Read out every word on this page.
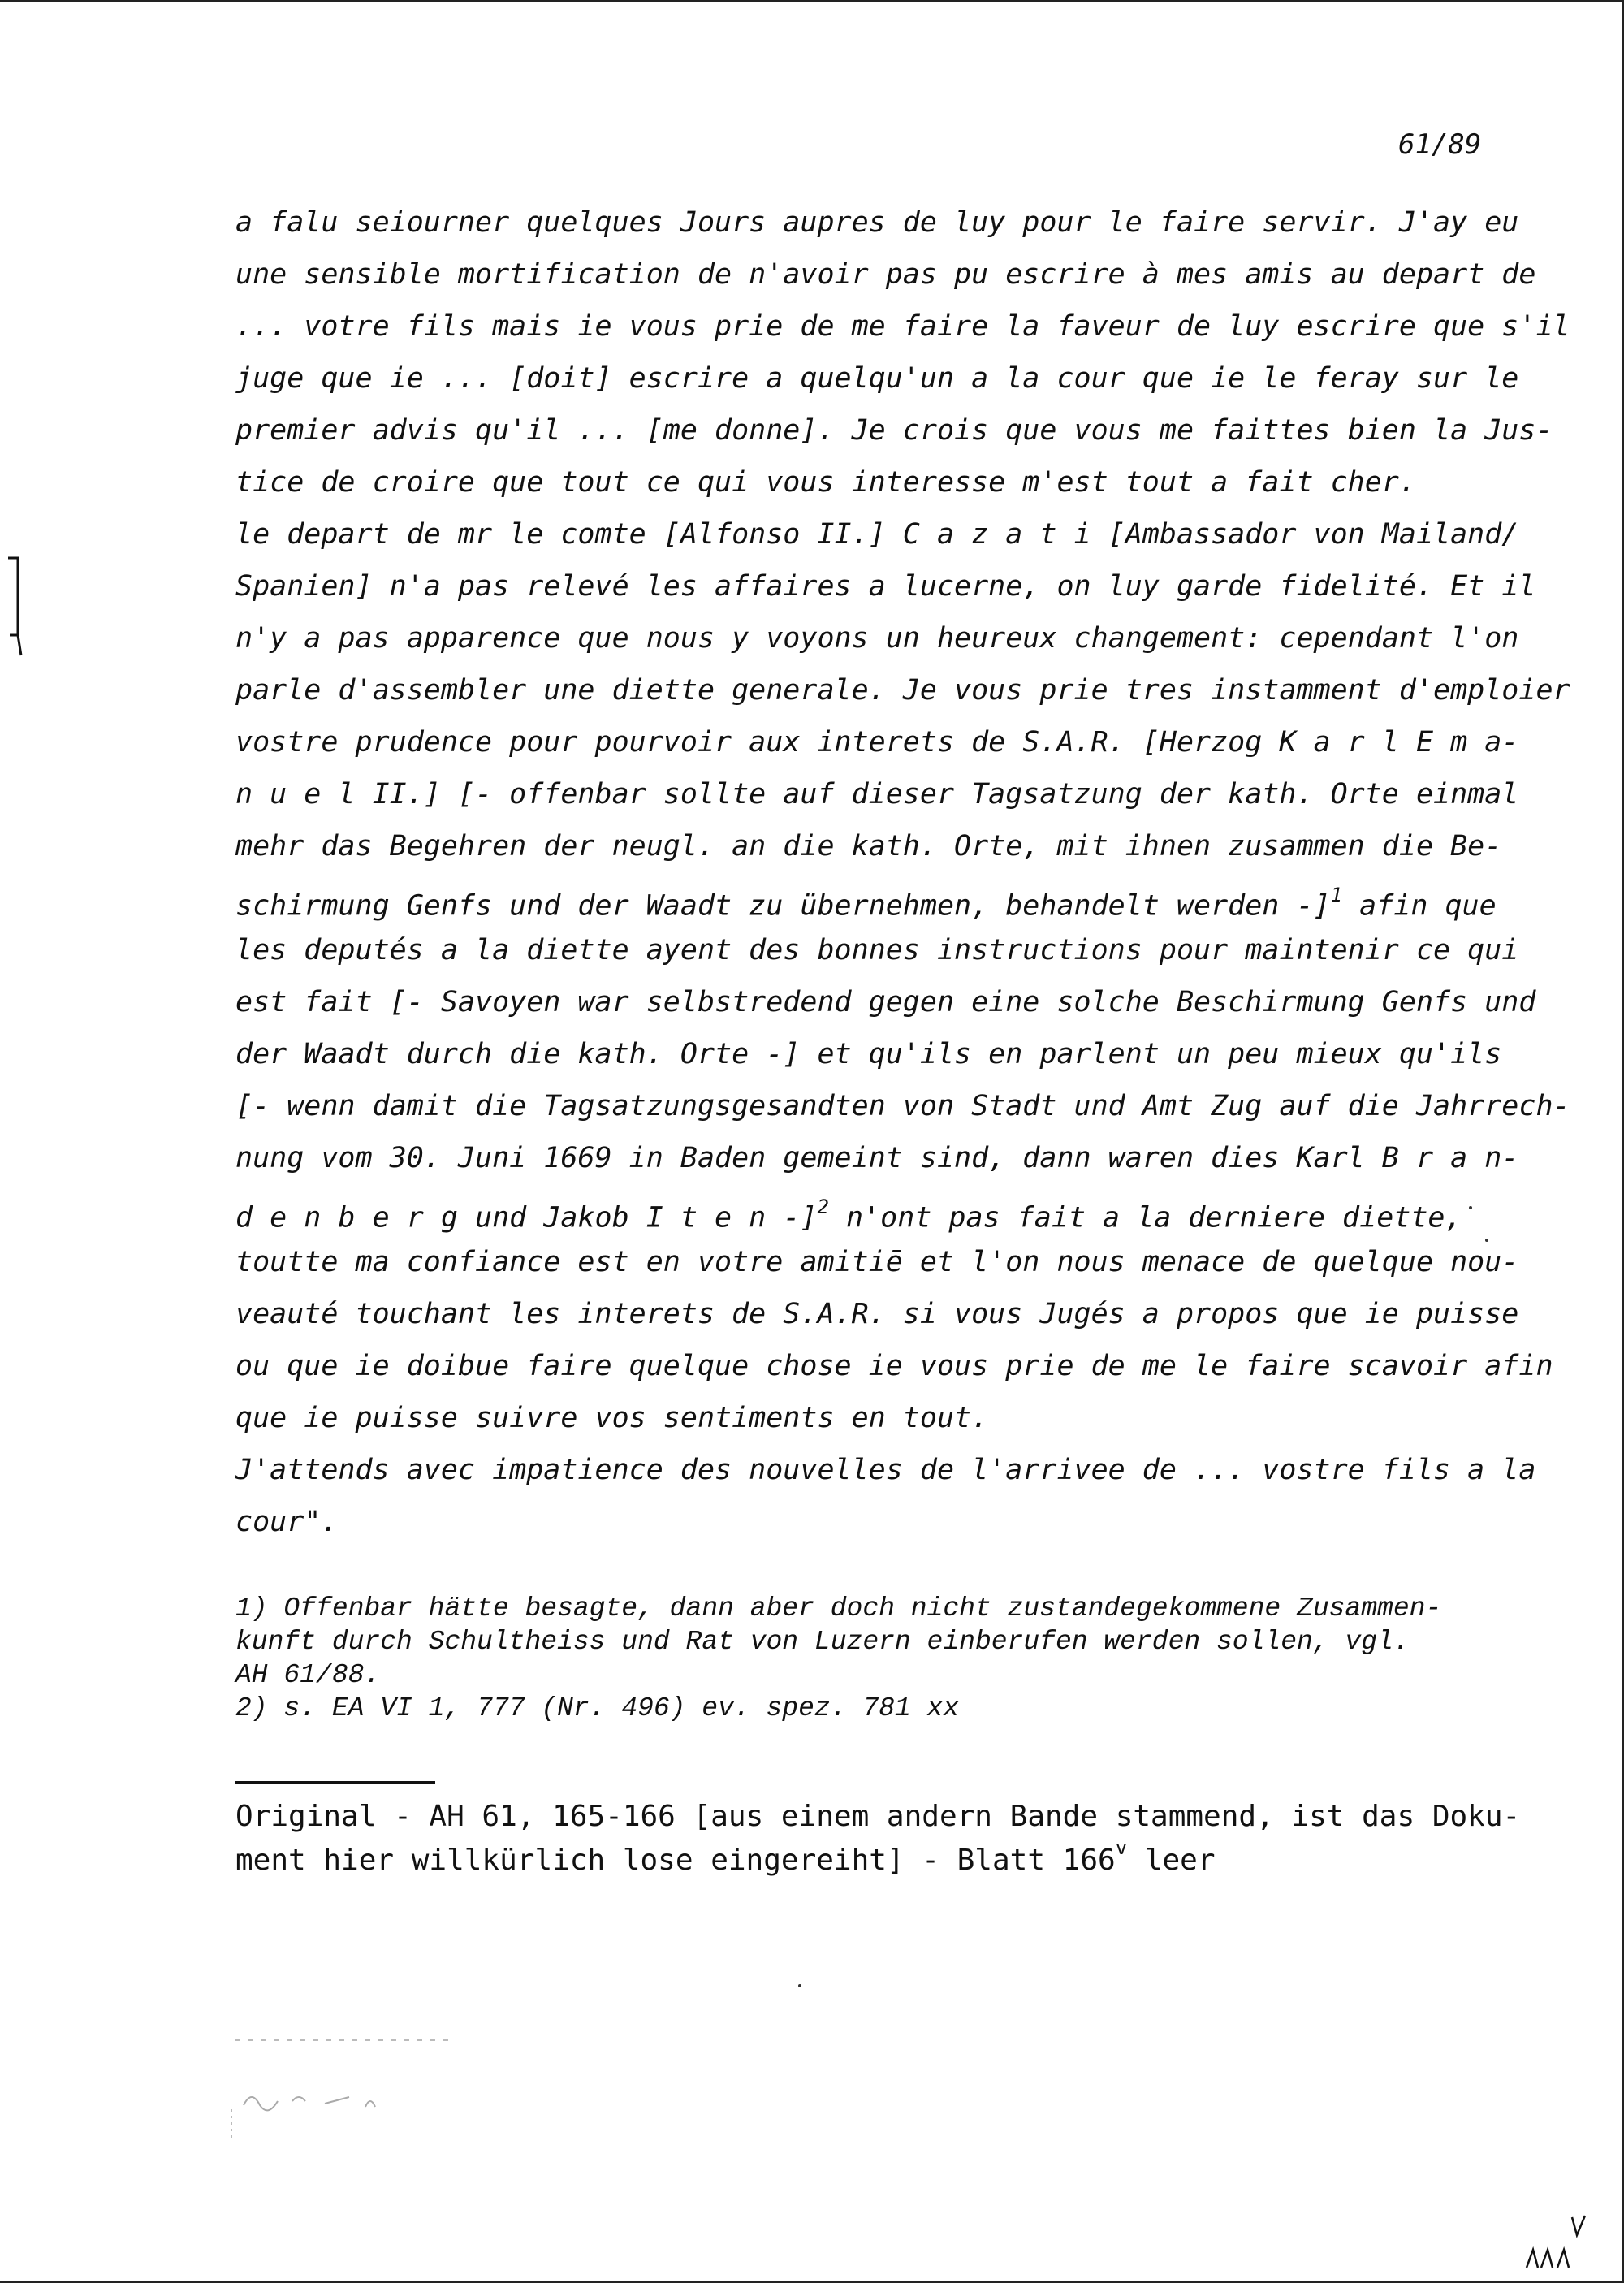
61/89
a falu seiourner quelques Jours aupres de luy pour le faire servir. J'ay eu
une sensible mortification de n'avoir pas pu escrire à mes amis au depart de
... votre fils mais ie vous prie de me faire la faveur de luy escrire que s'il
juge que ie ... [doit] escrire a quelqu'un a la cour que ie le feray sur le
premier advis qu'il ... [me donne]. Je crois que vous me faittes bien la Jus-
tice de croire que tout ce qui vous interesse m'est tout a fait cher.
le depart de mr le comte [Alfonso II.] C a z a t i [Ambassador von Mailand/
Spanien] n'a pas relevé les affaires a lucerne, on luy garde fidelité. Et il
n'y a pas apparence que nous y voyons un heureux changement: cependant l'on
parle d'assembler une diette generale. Je vous prie tres instamment d'emploier
vostre prudence pour pourvoir aux interets de S.A.R. [Herzog K a r l E m a-
n u e l II.] [- offenbar sollte auf dieser Tagsatzung der kath. Orte einmal
mehr das Begehren der neugl. an die kath. Orte, mit ihnen zusammen die Be-
schirmung Genfs und der Waadt zu übernehmen, behandelt werden -]$^1$ afin que
les deputés a la diette ayent des bonnes instructions pour maintenir ce qui
est fait [- Savoyen war selbstredend gegen eine solche Beschirmung Genfs und
der Waadt durch die kath. Orte -] et qu'ils en parlent un peu mieux qu'ils
[- wenn damit die Tagsatzungsgesandten von Stadt und Amt Zug auf die Jahrrech-
nung vom 30. Juni 1669 in Baden gemeint sind, dann waren dies Karl B r a n-
d e n b e r g und Jakob I t e n -]$^2$ n'ont pas fait a la derniere diette,
toutte ma confiance est en votre amitiē et l'on nous menace de quelque nou-
veauté touchant les interets de S.A.R. si vous Jugés a propos que ie puisse
ou que ie doibue faire quelque chose ie vous prie de me le faire scavoir afin
que ie puisse suivre vos sentiments en tout.
J'attends avec impatience des nouvelles de l'arrivee de ... vostre fils a la
cour".
1) Offenbar hätte besagte, dann aber doch nicht zustandegekommene Zusammen-
kunft durch Schultheiss und Rat von Luzern einberufen werden sollen, vgl.
AH 61/88.
2) s. EA VI 1, 777 (Nr. 496) ev. spez. 781 xx
Original - AH 61, 165-166 [aus einem andern Bande stammend, ist das Doku-
ment hier willkürlich lose eingereiht] - Blatt 166$^v$ leer
